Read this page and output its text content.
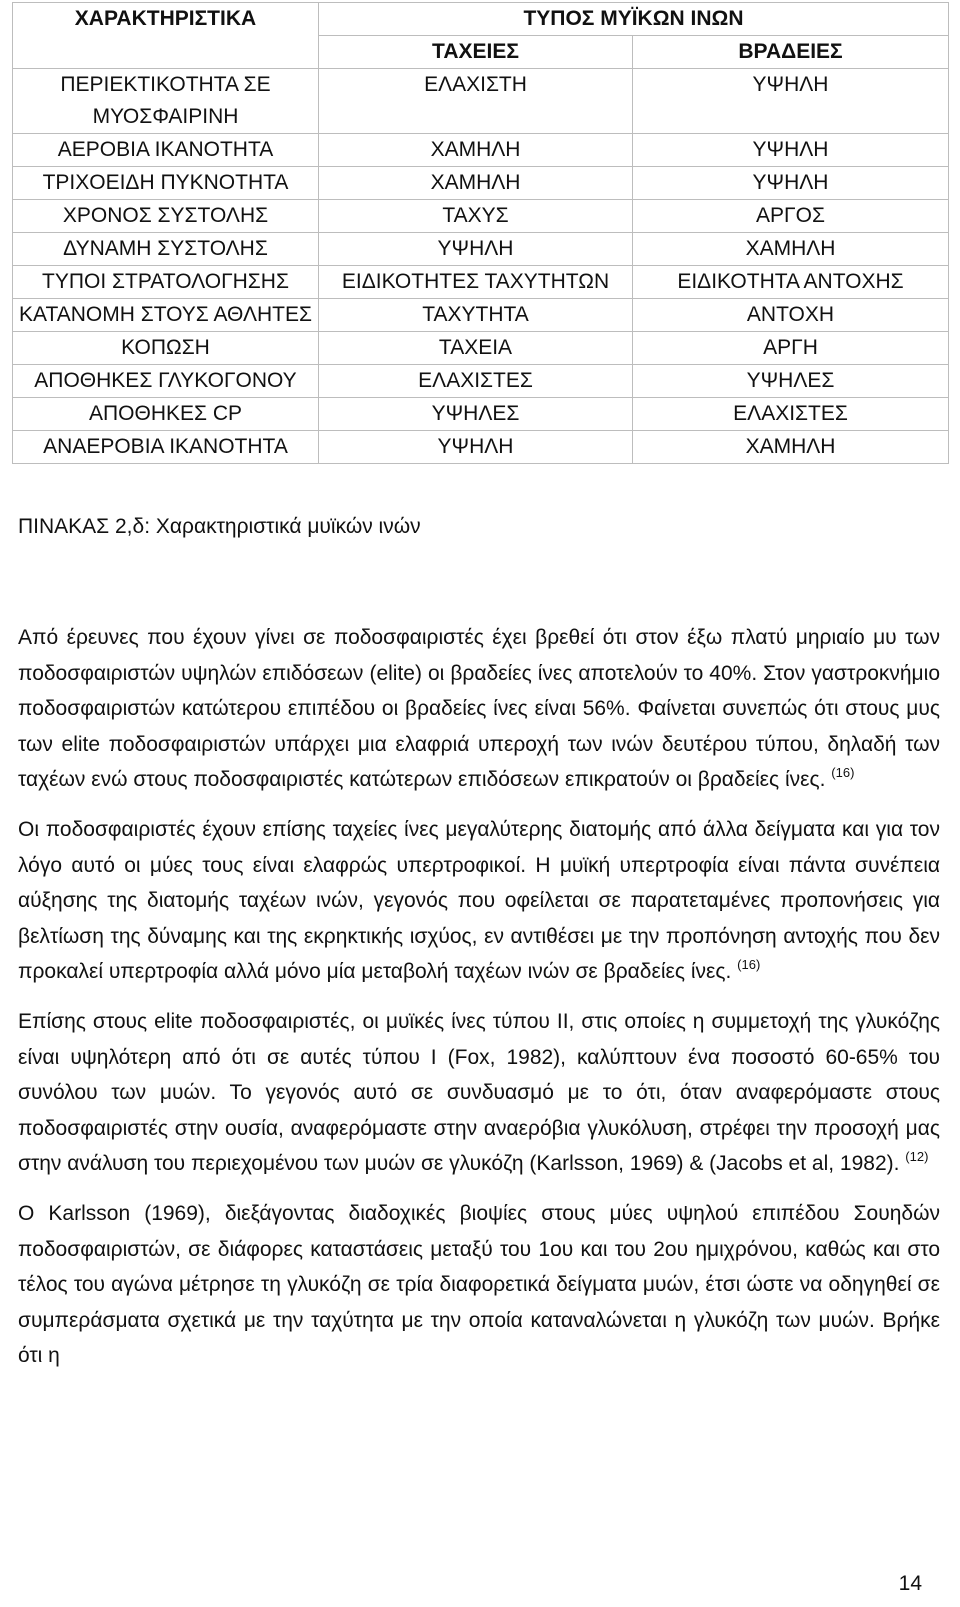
ΧΑΡΑΚΤΗΡΙΣΤΙΚΑ	ΤΥΠΟΣ ΜΥΪΚΩΝ ΙΝΩΝ	
	ΤΑΧΕΙΕΣ	ΒΡΑΔΕΙΕΣ
ΠΕΡΙΕΚΤΙΚΟΤΗΤΑ ΣΕ ΜΥΟΣΦΑΙΡΙΝΗ	ΕΛΑΧΙΣΤΗ	ΥΨΗΛΗ
ΑΕΡΟΒΙΑ ΙΚΑΝΟΤΗΤΑ	ΧΑΜΗΛΗ	ΥΨΗΛΗ
ΤΡΙΧΟΕΙΔΗ ΠΥΚΝΟΤΗΤΑ	ΧΑΜΗΛΗ	ΥΨΗΛΗ
ΧΡΟΝΟΣ ΣΥΣΤΟΛΗΣ	ΤΑΧΥΣ	ΑΡΓΟΣ
ΔΥΝΑΜΗ ΣΥΣΤΟΛΗΣ	ΥΨΗΛΗ	ΧΑΜΗΛΗ
ΤΥΠΟΙ ΣΤΡΑΤΟΛΟΓΗΣΗΣ	ΕΙΔΙΚΟΤΗΤΕΣ ΤΑΧΥΤΗΤΩΝ	ΕΙΔΙΚΟΤΗΤΑ ΑΝΤΟΧΗΣ
ΚΑΤΑΝΟΜΗ ΣΤΟΥΣ ΑΘΛΗΤΕΣ	ΤΑΧΥΤΗΤΑ	ΑΝΤΟΧΗ
ΚΟΠΩΣΗ	ΤΑΧΕΙΑ	ΑΡΓΗ
ΑΠΟΘΗΚΕΣ ΓΛΥΚΟΓΟΝΟΥ	ΕΛΑΧΙΣΤΕΣ	ΥΨΗΛΕΣ
ΑΠΟΘΗΚΕΣ CP	ΥΨΗΛΕΣ	ΕΛΑΧΙΣΤΕΣ
ΑΝΑΕΡΟΒΙΑ ΙΚΑΝΟΤΗΤΑ	ΥΨΗΛΗ	ΧΑΜΗΛΗ
ΠΙΝΑΚΑΣ 2,δ: Χαρακτηριστικά μυϊκών ινών

Από έρευνες που έχουν γίνει σε ποδοσφαιριστές έχει βρεθεί ότι στον έξω πλατύ μηριαίο μυ των ποδοσφαιριστών υψηλών επιδόσεων (elite) οι βραδείες ίνες αποτελούν το 40%. Στον γαστροκνήμιο ποδοσφαιριστών κατώτερου επιπέδου οι βραδείες ίνες είναι 56%. Φαίνεται συνεπώς ότι στους μυς των elite ποδοσφαιριστών υπάρχει μια ελαφριά υπεροχή των ινών δευτέρου τύπου, δηλαδή των ταχέων ενώ στους ποδοσφαιριστές κατώτερων επιδόσεων επικρατούν οι βραδείες ίνες. $^{(16)}$

Οι ποδοσφαιριστές έχουν επίσης ταχείες ίνες μεγαλύτερης διατομής από άλλα δείγματα και για τον λόγο αυτό οι μύες τους είναι ελαφρώς υπερτροφικοί. Η μυϊκή υπερτροφία είναι πάντα συνέπεια αύξησης της διατομής ταχέων ινών, γεγονός που οφείλεται σε παρατεταμένες προπονήσεις για βελτίωση της δύναμης και της εκρηκτικής ισχύος, εν αντιθέσει με την προπόνηση αντοχής που δεν προκαλεί υπερτροφία αλλά μόνο μία μεταβολή ταχέων ινών σε βραδείες ίνες. $^{(16)}$

Επίσης στους elite ποδοσφαιριστές, οι μυϊκές ίνες τύπου ΙΙ, στις οποίες η συμμετοχή της γλυκόζης είναι υψηλότερη από ότι σε αυτές τύπου Ι (Fox, 1982), καλύπτουν ένα ποσοστό 60-65% του συνόλου των μυών. Το γεγονός αυτό σε συνδυασμό με το ότι, όταν αναφερόμαστε στους ποδοσφαιριστές στην ουσία, αναφερόμαστε στην αναερόβια γλυκόλυση, στρέφει την προσοχή μας στην ανάλυση του περιεχομένου των μυών σε γλυκόζη (Karlsson, 1969) & (Jacobs et al, 1982). $^{(12)}$

Ο Karlsson (1969), διεξάγοντας διαδοχικές βιοψίες στους μύες υψηλού επιπέδου Σουηδών ποδοσφαιριστών, σε διάφορες καταστάσεις μεταξύ του 1ου και του 2ου ημιχρόνου, καθώς και στο τέλος του αγώνα μέτρησε τη γλυκόζη σε τρία διαφορετικά δείγματα μυών, έτσι ώστε να οδηγηθεί σε συμπεράσματα σχετικά με την ταχύτητα με την οποία καταναλώνεται η γλυκόζη των μυών. Βρήκε ότι η

14
